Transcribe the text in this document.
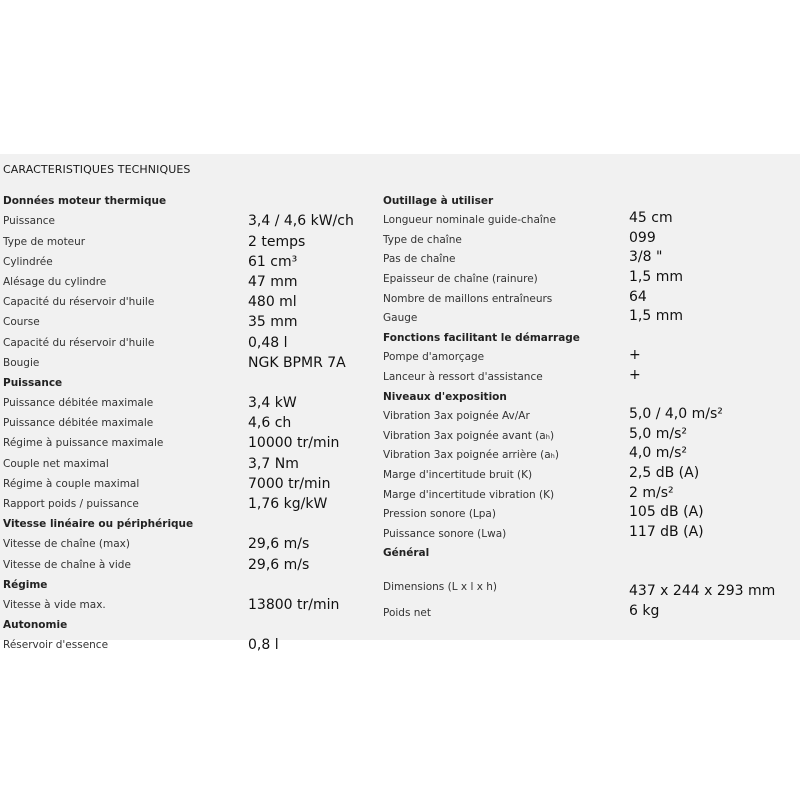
CARACTERISTIQUES TECHNIQUES
Données moteur thermique
Puissance	3,4 / 4,6 kW/ch
Type de moteur	2 temps
Cylindrée	61 cm³
Alésage du cylindre	47 mm
Capacité du réservoir d'huile	480 ml
Course	35 mm
Capacité du réservoir d'huile	0,48 l
Bougie	NGK BPMR 7A
Puissance
Puissance débitée maximale	3,4 kW
Puissance débitée maximale	4,6 ch
Régime à puissance maximale	10000 tr/min
Couple net maximal	3,7 Nm
Régime à couple maximal	7000 tr/min
Rapport poids / puissance	1,76 kg/kW
Vitesse linéaire ou périphérique
Vitesse de chaîne (max)	29,6 m/s
Vitesse de chaîne à vide	29,6 m/s
Régime
Vitesse à vide max.	13800 tr/min
Autonomie
Réservoir d'essence	0,8 l
Outillage à utiliser
Longueur nominale guide-chaîne	45 cm
Type de chaîne	099
Pas de chaîne	3/8 "
Epaisseur de chaîne (rainure)	1,5 mm
Nombre de maillons entraîneurs	64
Gauge	1,5 mm
Fonctions facilitant le démarrage
Pompe d'amorçage	+
Lanceur à ressort d'assistance	+
Niveaux d'exposition
Vibration 3ax poignée Av/Ar	5,0 / 4,0 m/s²
Vibration 3ax poignée avant (aₕ)	5,0 m/s²
Vibration 3ax poignée arrière (aₕ)	4,0 m/s²
Marge d'incertitude bruit (K)	2,5 dB (A)
Marge d'incertitude vibration (K)	2 m/s²
Pression sonore (Lpa)	105 dB (A)
Puissance sonore (Lwa)	117 dB (A)
Général
Dimensions (L x l x h)	437 x 244 x 293 mm
Poids net	6 kg
